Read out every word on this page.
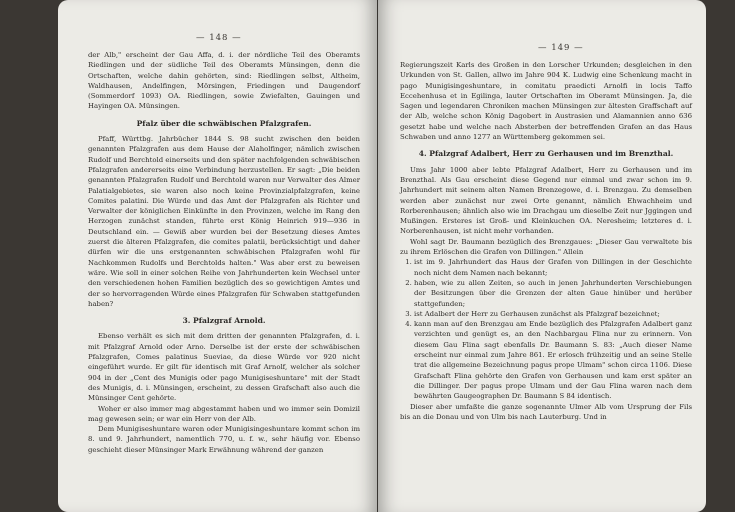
— 148 —

der Alb," erscheint der Gau Affa, d. i. der nördliche Teil des Oberamts Riedlingen und der südliche Teil des Oberamts Münsingen, denn die Ortschaften, welche dahin gehörten, sind: Riedlingen selbst, Altheim, Waldhausen, Andelfingen, Mörsingen, Friedingen und Daugendorf (Sommerdorf 1093) OA. Riedlingen, sowie Zwiefalten, Gauingen und Hayingen OA. Münsingen.

Pfalz über die schwäbischen Pfalzgrafen.

Pfaff, Württbg. Jahrbücher 1844 S. 98 sucht zwischen den beiden genannten Pfalzgrafen aus dem Hause der Alaholfinger, nämlich zwischen Rudolf und Berchtold einerseits und den später nachfolgenden schwäbischen Pfalzgrafen andererseits eine Verbindung herzustellen. Er sagt: „Die beiden genannten Pfalzgrafen Rudolf und Berchtold waren nur Verwalter des Almer Palatialgebietes, sie waren also noch keine Provinzialpfalzgrafen, keine Comites palatini. Die Würde und das Amt der Pfalzgrafen als Richter und Verwalter der königlichen Einkünfte in den Provinzen, welche im Rang den Herzogen zunächst standen, führte erst König Heinrich 919—936 in Deutschland ein. — Gewiß aber wurden bei der Besetzung dieses Amtes zuerst die älteren Pfalzgrafen, die comites palatii, berücksichtigt und daher dürfen wir die uns erstgenannten schwäbischen Pfalzgrafen wohl für Nachkommen Rudolfs und Berchtolds halten." Was aber erst zu beweisen wäre. Wie soll in einer solchen Reihe von Jahrhunderten kein Wechsel unter den verschiedenen hohen Familien bezüglich des so gewichtigen Amtes und der so hervorragenden Würde eines Pfalzgrafen für Schwaben stattgefunden haben?

3. Pfalzgraf Arnold.

Ebenso verhält es sich mit dem dritten der genannten Pfalzgrafen, d. i. mit Pfalzgraf Arnold oder Arno. Derselbe ist der erste der schwäbischen Pfalzgrafen, Comes palatinus Sueviae, da diese Würde vor 920 nicht eingeführt wurde. Er gilt für identisch mit Graf Arnolf, welcher als solcher 904 in der „Cent des Munigis oder pago Munigiseshuntare" mit der Stadt des Munigis, d. i. Münsingen, erscheint, zu dessen Grafschaft also auch die Münsinger Cent gehörte.

Woher er also immer mag abgestammt haben und wo immer sein Domizil mag gewesen sein; er war ein Herr von der Alb.

Dem Munigiseshuntare waren oder Munigisingeshuntare kommt schon im 8. und 9. Jahrhundert, namentlich 770, u. f. w., sehr häufig vor. Ebenso geschieht dieser Münsinger Mark Erwähnung während der ganzen

— 149 —

Regierungszeit Karls des Großen in den Lorscher Urkunden; desgleichen in den Urkunden von St. Gallen, allwo im Jahre 904 K. Ludwig eine Schenkung macht in pago Munigisingeshuntare, in comitatu praedicti Arnolfi in locis Taffo Eccehenhusa et in Egilinga, lauter Ortschaften im Oberamt Münsingen. Ja, die Sagen und legendaren Chroniken machen Münsingen zur ältesten Graffschaft auf der Alb, welche schon König Dagobert in Austrasien und Alamannien anno 636 gesetzt habe und welche nach Absterben der betreffenden Grafen an das Haus Schwaben und anno 1277 an Württemberg gekommen sei.

4. Pfalzgraf Adalbert, Herr zu Gerhausen und im Brenzthal.

Ums Jahr 1000 aber lebte Pfalzgraf Adalbert, Herr zu Gerhausen und im Brenzthal. Als Gau erscheint diese Gegend nur einmal und zwar schon im 9. Jahrhundert mit seinem alten Namen Brenzegowe, d. i. Brenzgau. Zu demselben werden aber zunächst nur zwei Orte genannt, nämlich Ehwachheim und Rorberenhausen; ähnlich also wie im Drachgau um dieselbe Zeit nur Jggingen und Mußingen. Ersteres ist Groß- und Kleinkuchen OA. Neresheim; letzteres d. i. Norberenhausen, ist nicht mehr vorhanden.

Wohl sagt Dr. Baumann bezüglich des Brenzgaues: „Dieser Gau verwaltete bis zu ihrem Erlöschen die Grafen von Dillingen." Allein

1. ist im 9. Jahrhundert das Haus der Grafen von Dillingen in der Geschichte noch nicht dem Namen nach bekannt;
2. haben, wie zu allen Zeiten, so auch in jenen Jahrhunderten Verschiebungen der Besitzungen über die Grenzen der alten Gaue hinüber und herüber stattgefunden;
3. ist Adalbert der Herr zu Gerhausen zunächst als Pfalzgraf bezeichnet;
4. kann man auf den Brenzgau am Ende bezüglich des Pfalzgrafen Adalbert ganz verzichten und genügt es, an den Nachbargau Flina nur zu erinnern. Von diesem Gau Flina sagt ebenfalls Dr. Baumann S. 83: „Auch dieser Name erscheint nur einmal zum Jahre 861. Er erlosch frühzeitig und an seine Stelle trat die allgemeine Bezeichnung pagus prope Ulmam" schon circa 1106. Diese Grafschaft Flina gehörte den Grafen von Gerhausen und kam erst später an die Dillinger. Der pagus prope Ulmam und der Gau Flina waren nach dem bewährten Gaugeographen Dr. Baumann S 84 identisch.

Dieser aber umfaßte die ganze sogenannte Ulmer Alb vom Ursprung der Fils bis an die Donau und von Ulm bis nach Lauterburg. Und in
